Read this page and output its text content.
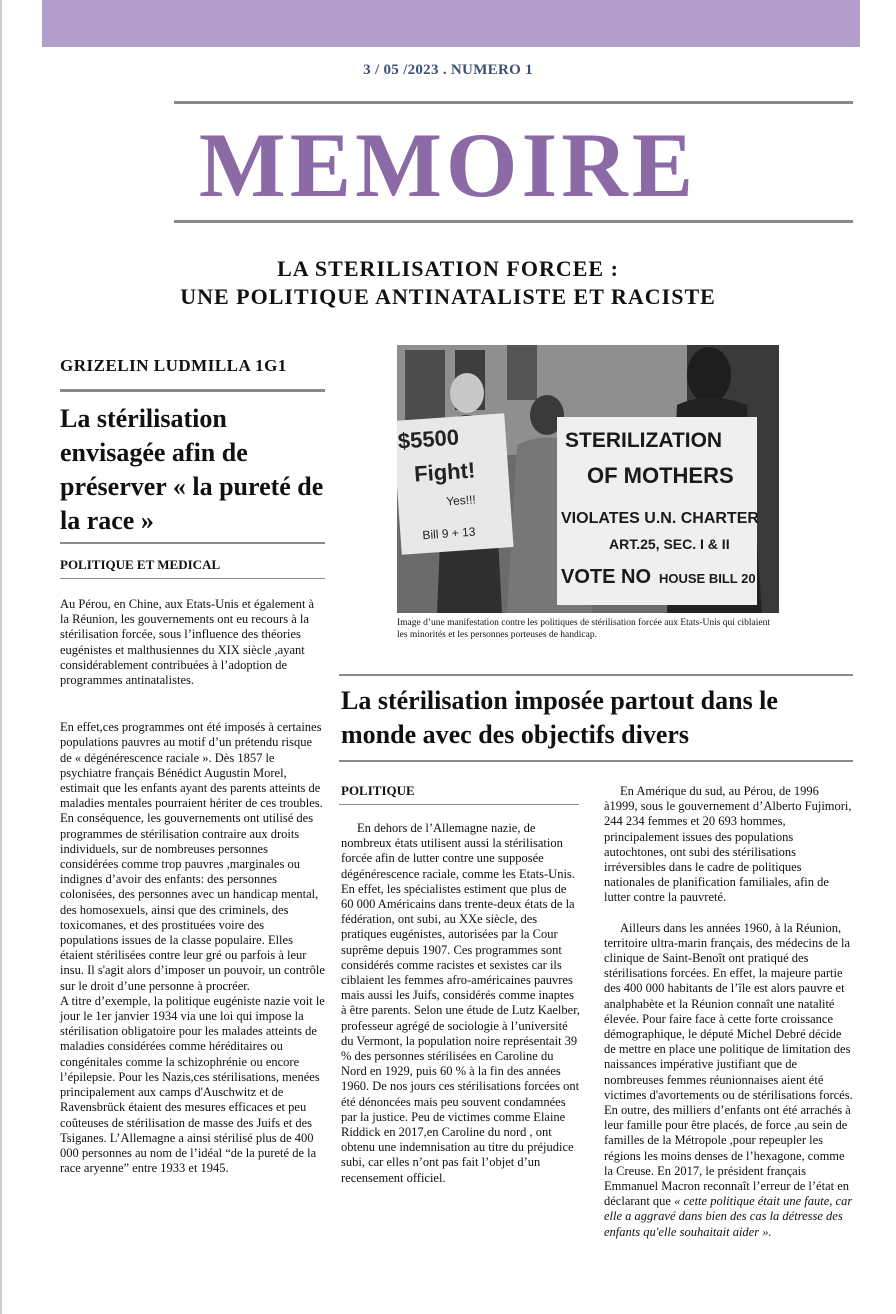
3 / 05 /2023 . NUMERO 1
MEMOIRE
LA STERILISATION FORCEE :
UNE POLITIQUE ANTINATALISTE ET RACISTE
GRIZELIN LUDMILLA 1G1
La stérilisation envisagée afin de préserver « la pureté de la race »
POLITIQUE ET MEDICAL

Au Pérou, en Chine, aux Etats-Unis et également à la Réunion, les gouvernements ont eu recours à la stérilisation forcée, sous l’influence des théories eugénistes et malthusiennes du XIX siècle ,ayant considérablement contribuées à l’adoption de programmes antinatalistes.

En effet,ces programmes ont été imposés à certaines populations pauvres au motif d’un prétendu risque de « dégénérescence raciale ». Dès 1857 le psychiatre français Bénédict Augustin Morel, estimait que les enfants ayant des parents atteints de maladies mentales pourraient hériter de ces troubles.

En conséquence, les gouvernements ont utilisé des programmes de stérilisation contraire aux droits individuels, sur de nombreuses personnes considérées comme trop pauvres ,marginales ou indignes d’avoir des enfants: des personnes colonisées, des personnes avec un handicap mental, des homosexuels, ainsi que des criminels, des toxicomanes, et des prostituées voire des populations issues de la classe populaire. Elles étaient stérilisées contre leur gré ou parfois à leur insu. Il s'agit alors d’imposer un pouvoir, un contrôle sur le droit d’une personne à procréer.

A titre d’exemple, la politique eugéniste nazie voit le jour le 1er janvier 1934 via une loi qui impose la stérilisation obligatoire pour les malades atteints de maladies considérées comme héréditaires ou congénitales comme la schizophrénie ou encore l’épilepsie. Pour les Nazis,ces stérilisations, menées principalement aux camps d'Auschwitz et de Ravensbrück étaient des mesures efficaces et peu coûteuses de stérilisation de masse des Juifs et des Tsiganes. L’Allemagne a ainsi stérilisé plus de 400 000 personnes au nom de l’idéal “de la pureté de la race aryenne” entre 1933 et 1945.

$5500
Fight!
Yes!!!
Bill 9 + 13
STERILIZATION
OF MOTHERS
VIOLATES U.N. CHARTER
ART.25, SEC. I & II
VOTE NO HOUSE BILL 20
Image d’une manifestation contre les politiques de stérilisation forcée aux Etats-Unis qui ciblaient les minorités et les personnes porteuses de handicap.
La stérilisation imposée partout dans le monde avec des objectifs divers
POLITIQUE

En dehors de l’Allemagne nazie, de nombreux états utilisent aussi la stérilisation forcée afin de lutter contre une supposée dégénérescence raciale, comme les Etats-Unis. En effet, les spécialistes estiment que plus de 60 000 Américains dans trente-deux états de la fédération, ont subi, au XXe siècle, des pratiques eugénistes, autorisées par la Cour suprême depuis 1907. Ces programmes sont considérés comme racistes et sexistes car ils ciblaient les femmes afro-américaines pauvres mais aussi les Juifs, considérés comme inaptes à être parents. Selon une étude de Lutz Kaelber, professeur agrégé de sociologie à l’université du Vermont, la population noire représentait 39 % des personnes stérilisées en Caroline du Nord en 1929, puis 60 % à la fin des années 1960. De nos jours ces stérilisations forcées ont été dénoncées mais peu souvent condamnées par la justice. Peu de victimes comme Elaine Riddick en 2017,en Caroline du nord , ont obtenu une indemnisation au titre du préjudice subi, car elles n’ont pas fait l’objet d’un recensement officiel.

En Amérique du sud, au Pérou, de 1996 à1999, sous le gouvernement d’Alberto Fujimori, 244 234 femmes et 20 693 hommes, principalement issues des populations autochtones, ont subi des stérilisations irréversibles dans le cadre de politiques nationales de planification familiales, afin de lutter contre la pauvreté.

Ailleurs dans les années 1960, à la Réunion, territoire ultra-marin français, des médecins de la clinique de Saint-Benoît ont pratiqué des stérilisations forcées. En effet, la majeure partie des 400 000 habitants de l’île est alors pauvre et analphabète et la Réunion connaît une natalité élevée. Pour faire face à cette forte croissance démographique, le député Michel Debré décide de mettre en place une politique de limitation des naissances impérative justifiant que de nombreuses femmes réunionnaises aient été victimes d'avortements ou de stérilisations forcés. En outre, des milliers d’enfants ont été arrachés à leur famille pour être placés, de force ,au sein de familles de la Métropole ,pour repeupler les régions les moins denses de l’hexagone, comme la Creuse. En 2017, le président français Emmanuel Macron reconnaît l’erreur de l’état en déclarant que « cette politique était une faute, car elle a aggravé dans bien des cas la détresse des enfants qu'elle souhaitait aider ».
